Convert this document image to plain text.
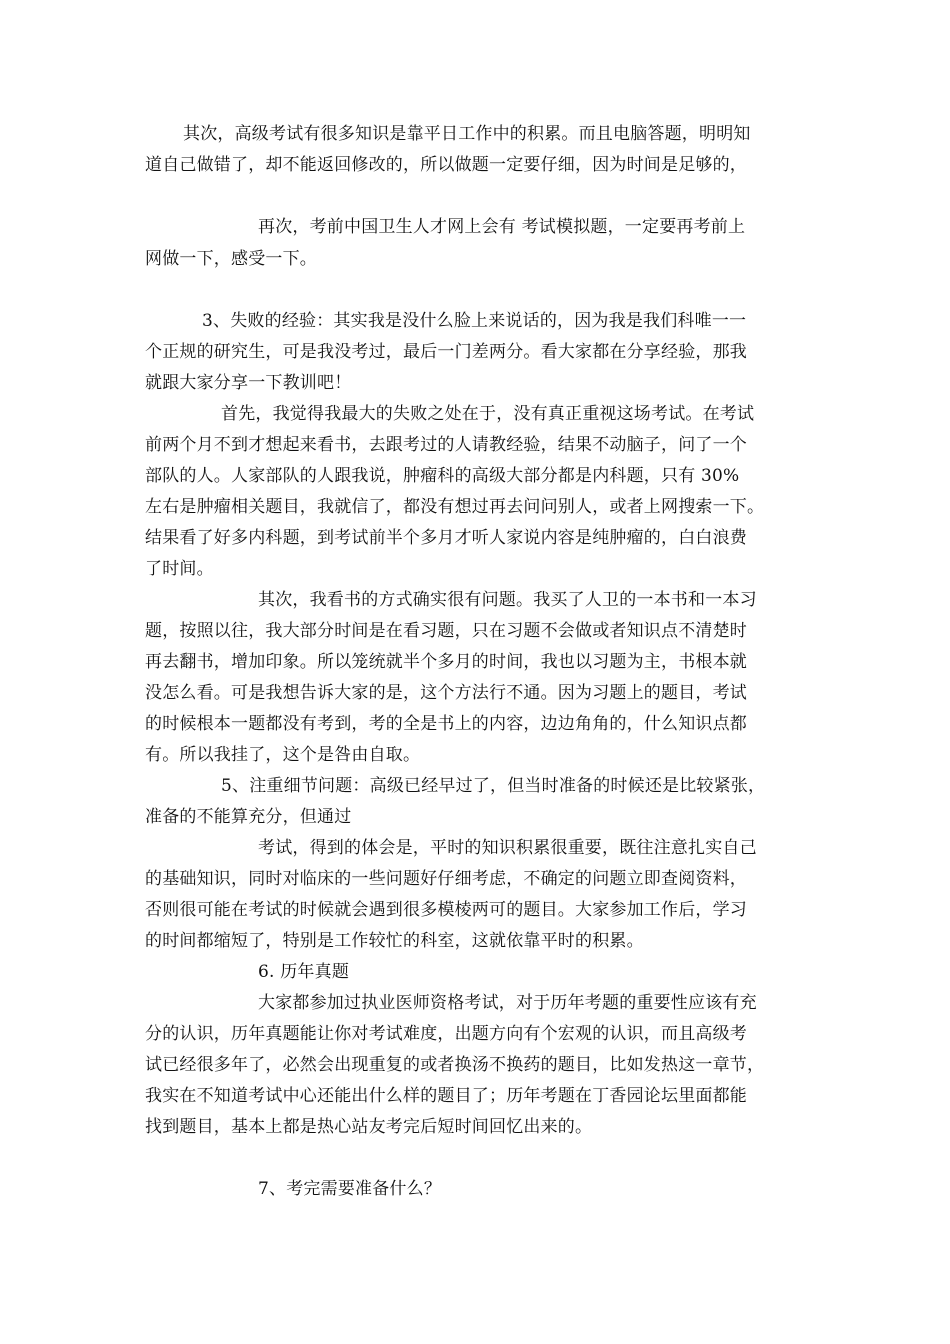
其次，高级考试有很多知识是靠平日工作中的积累。而且电脑答题，明明知
道自己做错了，却不能返回修改的，所以做题一定要仔细，因为时间是足够的，
再次，考前中国卫生人才网上会有 考试模拟题，一定要再考前上
网做一下，感受一下。
3、失败的经验：其实我是没什么脸上来说话的，因为我是我们科唯一一
个正规的研究生，可是我没考过，最后一门差两分。看大家都在分享经验，那我
就跟大家分享一下教训吧！
首先，我觉得我最大的失败之处在于，没有真正重视这场考试。在考试
前两个月不到才想起来看书，去跟考过的人请教经验，结果不动脑子，问了一个
部队的人。人家部队的人跟我说，肿瘤科的高级大部分都是内科题，只有 30%
左右是肿瘤相关题目，我就信了，都没有想过再去问问别人，或者上网搜索一下。
结果看了好多内科题，到考试前半个多月才听人家说内容是纯肿瘤的，白白浪费
了时间。
其次，我看书的方式确实很有问题。我买了人卫的一本书和一本习
题，按照以往，我大部分时间是在看习题，只在习题不会做或者知识点不清楚时
再去翻书，增加印象。所以笼统就半个多月的时间，我也以习题为主，书根本就
没怎么看。可是我想告诉大家的是，这个方法行不通。因为习题上的题目，考试
的时候根本一题都没有考到，考的全是书上的内容，边边角角的，什么知识点都
有。所以我挂了，这个是咎由自取。
5、注重细节问题：高级已经早过了，但当时准备的时候还是比较紧张，
准备的不能算充分，但通过
考试，得到的体会是，平时的知识积累很重要，既往注意扎实自己
的基础知识，同时对临床的一些问题好仔细考虑，不确定的问题立即查阅资料，
否则很可能在考试的时候就会遇到很多模棱两可的题目。大家参加工作后，学习
的时间都缩短了，特别是工作较忙的科室，这就依靠平时的积累。
6. 历年真题
大家都参加过执业医师资格考试，对于历年考题的重要性应该有充
分的认识，历年真题能让你对考试难度，出题方向有个宏观的认识，而且高级考
试已经很多年了，必然会出现重复的或者换汤不换药的题目，比如发热这一章节，
我实在不知道考试中心还能出什么样的题目了；历年考题在丁香园论坛里面都能
找到题目，基本上都是热心站友考完后短时间回忆出来的。
7、考完需要准备什么？
